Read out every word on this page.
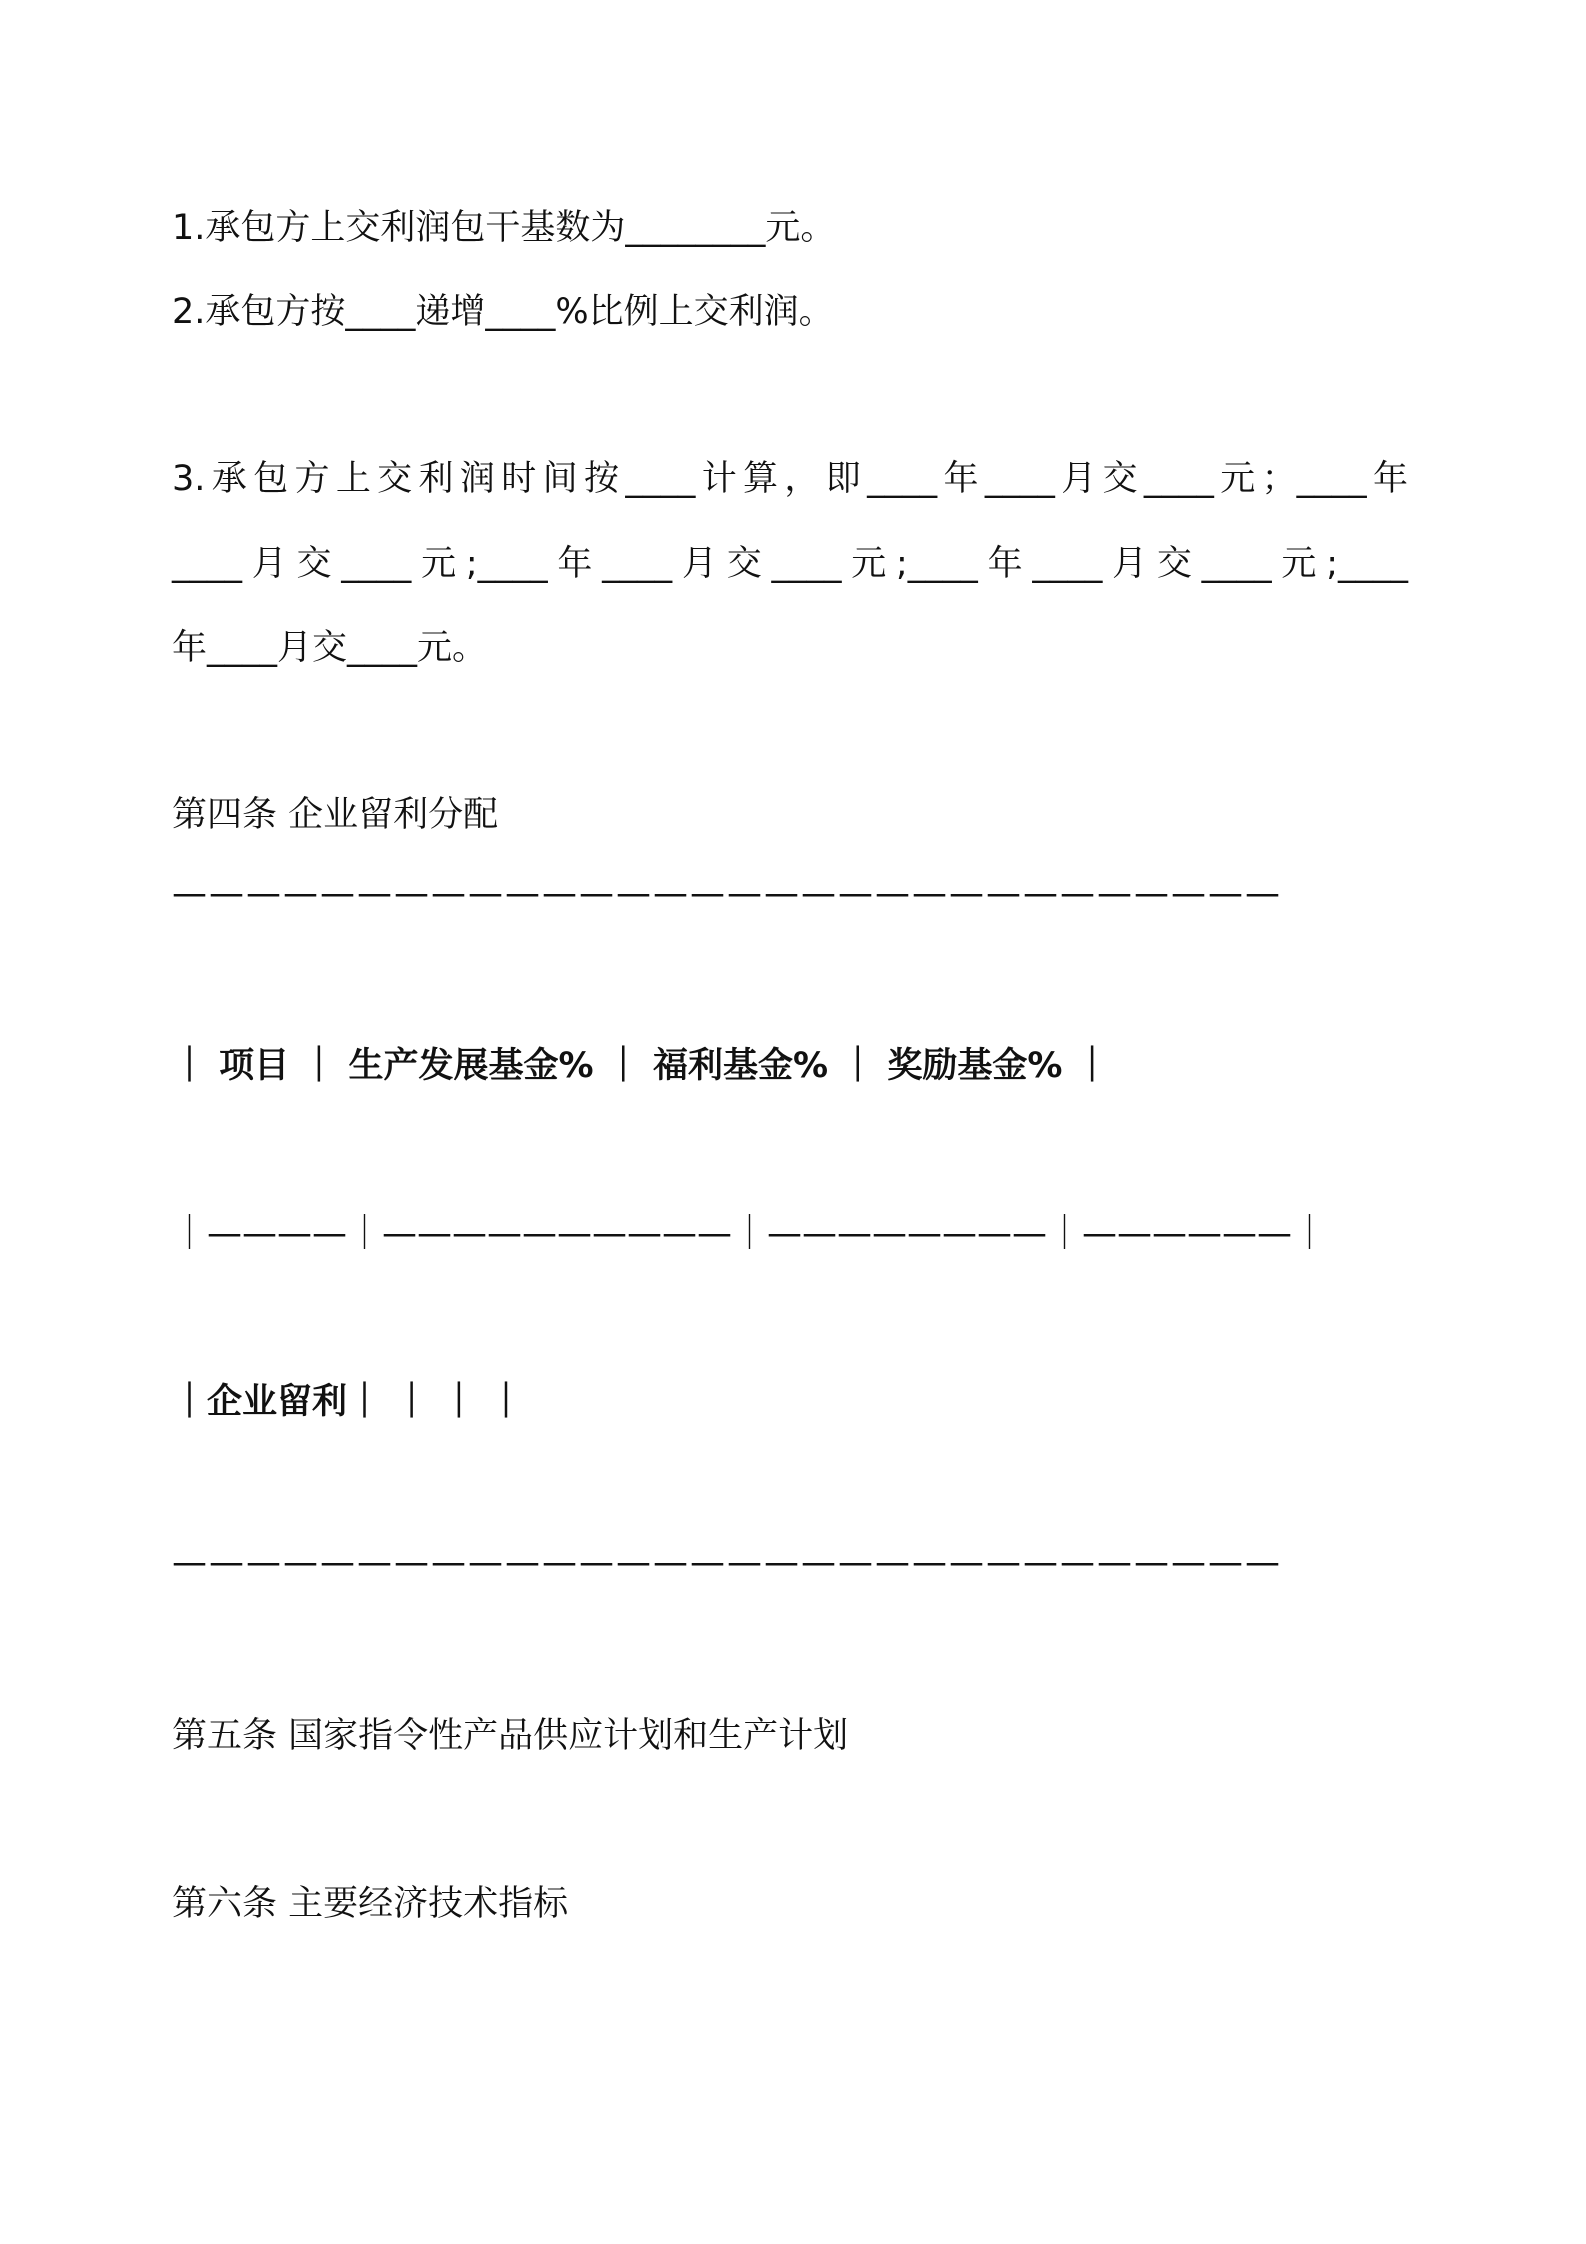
1.承包方上交利润包干基数为________元。

2.承包方按____递增____%比例上交利润。

3.承包方上交利润时间按____计算，即____年____月交____元；____年

____月交____元;____年____月交____元;____年____月交____元;____

年____月交____元。

第四条 企业留利分配

——————————————————————————————

｜ 项目 ｜ 生产发展基金% ｜ 福利基金% ｜ 奖励基金% ｜

｜————｜——————————｜————————｜——————｜

｜企业留利｜ ｜ ｜ ｜

——————————————————————————————

第五条 国家指令性产品供应计划和生产计划

第六条 主要经济技术指标
